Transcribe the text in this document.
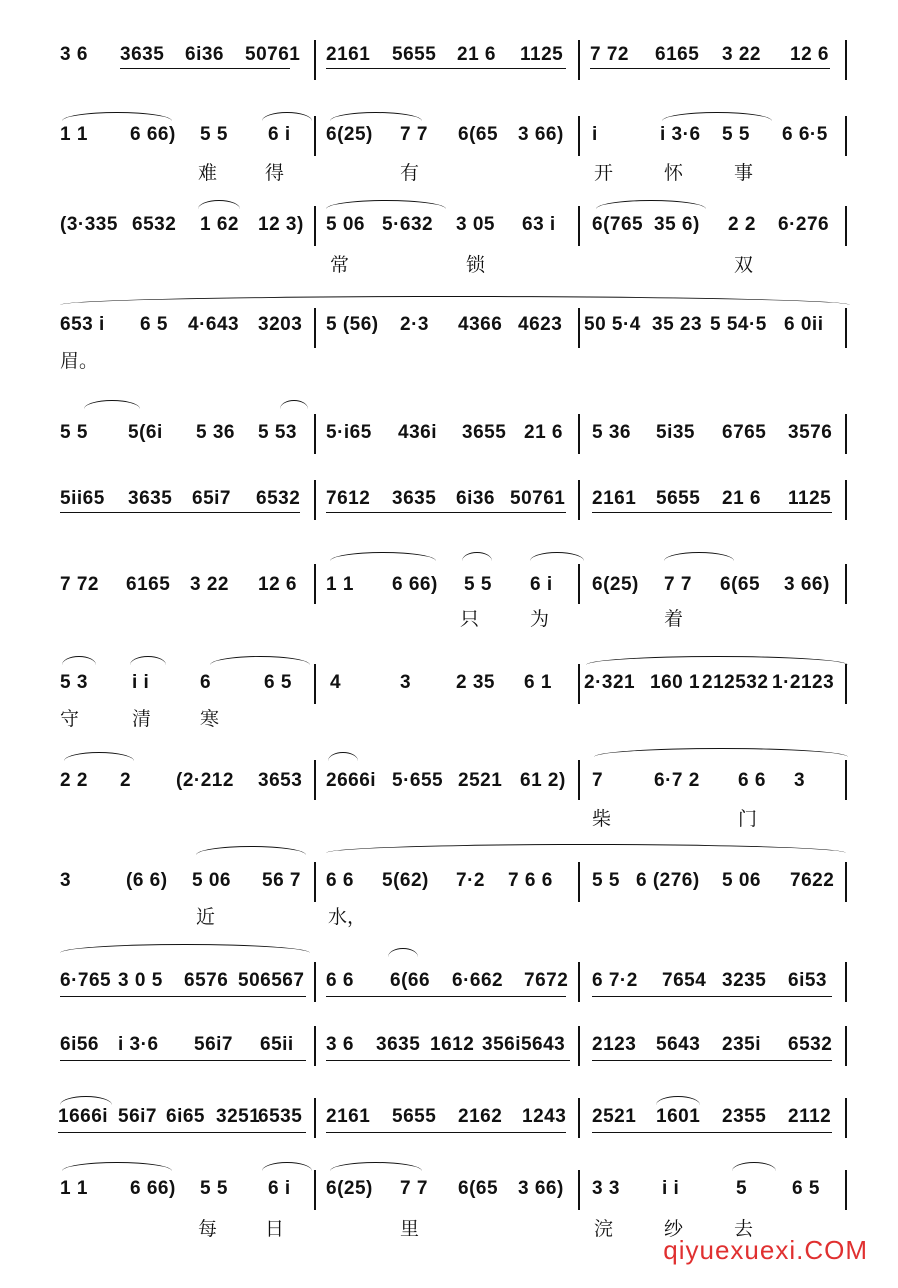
3 6 3635 6i36 50761 2161 5655 21 6 1125 7 72 6165 3 22 12 6
1 1 6 66) 5 5 6 i 6(25) 7 7 6(65 3 66) i	i 3·6 5 5 6 6·5
难	得	有	开	怀	事
(3·335 6532 1 62 12 3) 5 06 5·632 3 05 63 i 6(765 35 6) 2 2 6·276
常	锁	双
653 i 6 5 4·643 3203 5 (56) 2·3 4366 4623 50 5·4 35 23 5 54·5 6 0ii
眉。
5 5 5(6i 5 36 5 53 5·i65 436i 3655 21 6 5 36 5i35 6765 3576
5ii65 3635 65i7 6532 7612 3635 6i36 50761 2161 5655 21 6 1125
7 72 6165 3 22 12 6 1 1 6 66) 5 5 6 i 6(25) 7 7 6(65 3 66)
只	为	着
5 3 i i	6	6 5 4	3 2 35 6 1 2·321 160 1 212532 1·2123
守	清	寒
2 2 2 (2·212 3653 2666i 5·655 2521 61 2) 7	6·7 2 6 6 3
柴	门
3	(6 6) 5 06 56 7 6 6 5(62) 7·2 7 6 6 5 5 6 (276) 5 06 7622
近	水，
6·765 3 0 5 6576 506567 6 6 6(66 6·662 7672 6 7·2 7654 3235 6i53
6i56 i 3·6 56i7 65ii 3 6 3635 1612 356i5643 2123 5643 235i 6532
1666i 56i7 6i65 3251
6535 2161 5655 2162 1243 2521 1601 2355 2112
1 1 6 66) 5 5 6 i 6(25) 7 7 6(65 3 66) 3 3 i i	5 6 5
每	日	里	浣	纱	去
qiyuexuexi.COM
